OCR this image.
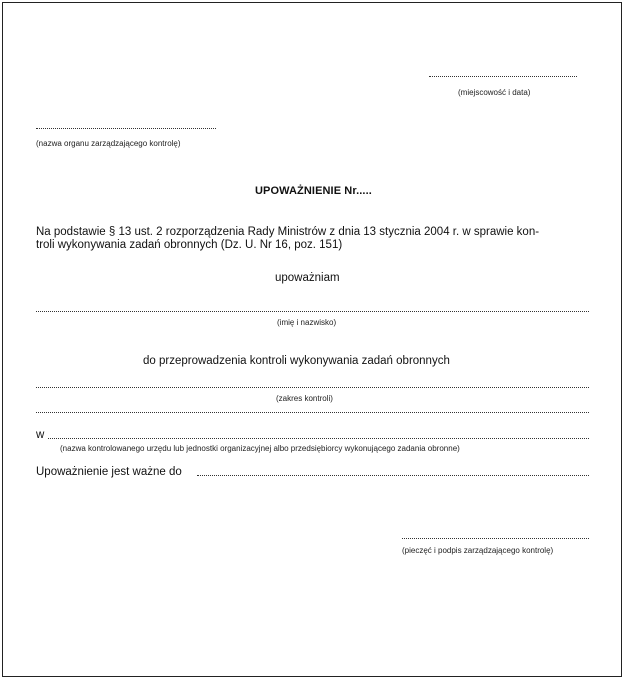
(miejscowość i data)
(nazwa organu zarządzającego kontrolę)
UPOWAŻNIENIE Nr.....
Na podstawie § 13 ust. 2 rozporządzenia Rady Ministrów z dnia 13 stycznia 2004 r. w sprawie kon-
troli wykonywania zadań obronnych (Dz. U. Nr 16, poz. 151)
upoważniam
(imię i nazwisko)
do przeprowadzenia kontroli wykonywania zadań obronnych
(zakres kontroli)
w
(nazwa kontrolowanego urzędu lub jednostki organizacyjnej albo przedsiębiorcy wykonującego zadania obronne)
Upoważnienie jest ważne do
(pieczęć i podpis zarządzającego kontrolę)
